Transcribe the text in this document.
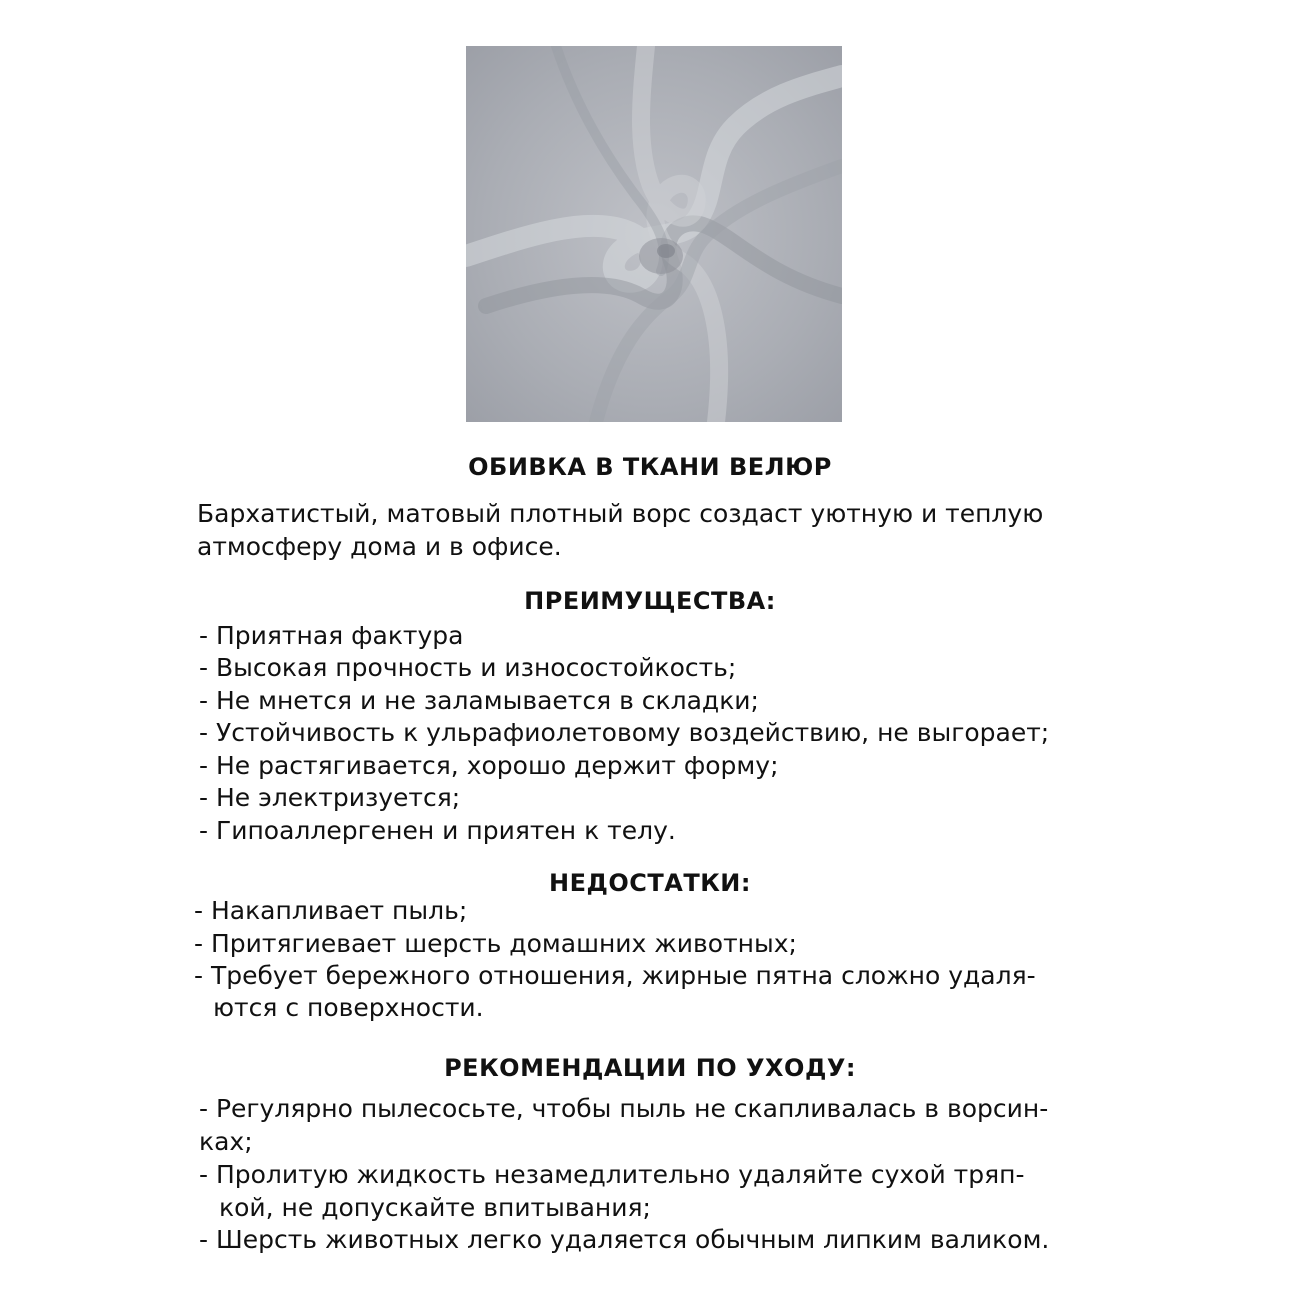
ОБИВКА В ТКАНИ ВЕЛЮР
Бархатистый, матовый плотный ворс создаст уютную и теплую
атмосферу дома и в офисе.
ПРЕИМУЩЕСТВА:
- Приятная фактура
- Высокая прочность и износостойкость;
- Не мнется и не заламывается в складки;
- Устойчивость к ульрафиолетовому воздействию, не выгорает;
- Не растягивается, хорошо держит форму;
- Не электризуется;
- Гипоаллергенен и приятен к телу.
НЕДОСТАТКИ:
- Накапливает пыль;
- Притягиевает шерсть домашних животных;
- Требует бережного отношения, жирные пятна сложно удаля-
ются с поверхности.
РЕКОМЕНДАЦИИ ПО УХОДУ:
- Регулярно пылесосьте, чтобы пыль не скапливалась в ворсин-
ках;
- Пролитую жидкость незамедлительно удаляйте сухой тряп-
кой, не допускайте впитывания;
- Шерсть животных легко удаляется обычным липким валиком.
